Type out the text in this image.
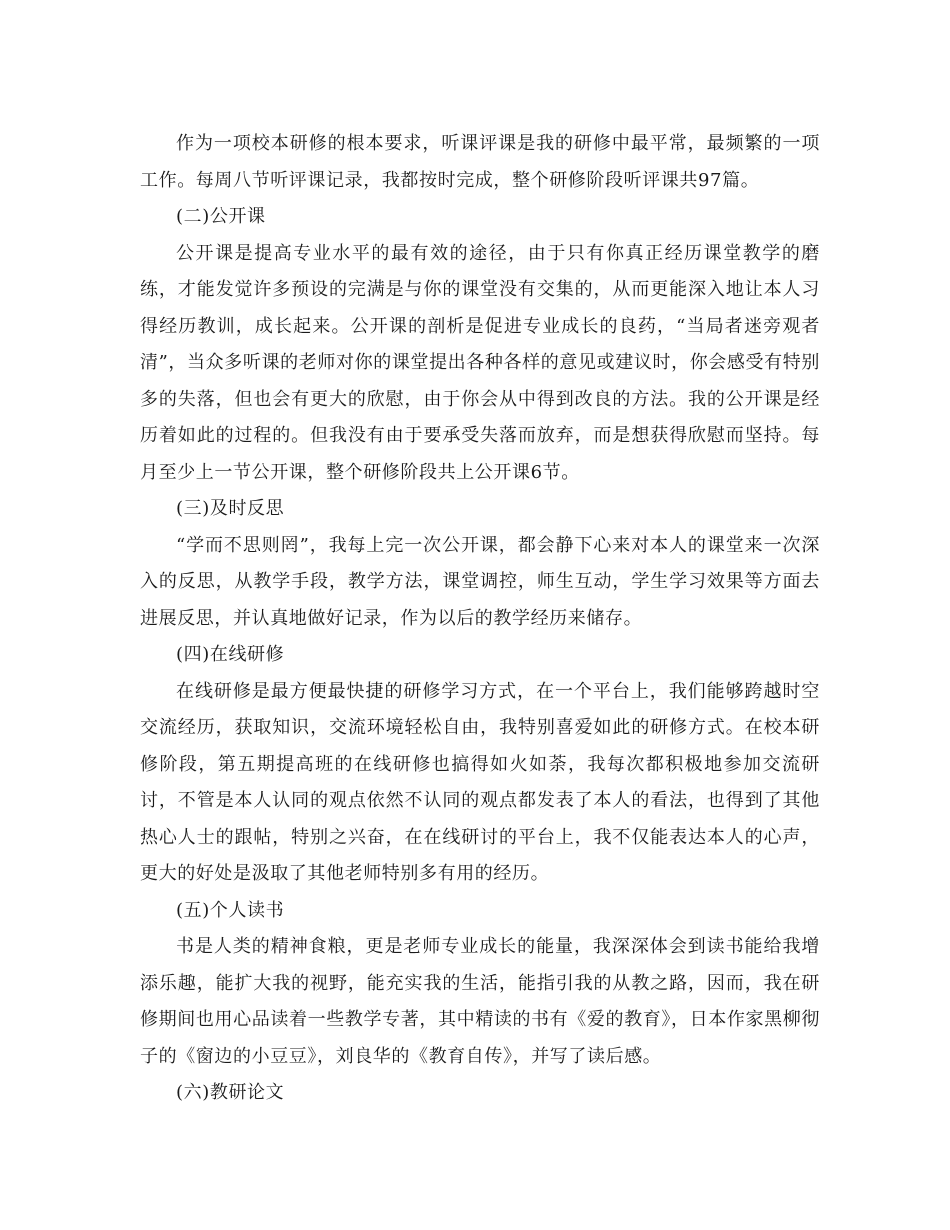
作为一项校本研修的根本要求，听课评课是我的研修中最平常，最频繁的一项工作。每周八节听评课记录，我都按时完成，整个研修阶段听评课共97篇。

(二)公开课

公开课是提高专业水平的最有效的途径，由于只有你真正经历课堂教学的磨练，才能发觉许多预设的完满是与你的课堂没有交集的，从而更能深入地让本人习得经历教训，成长起来。公开课的剖析是促进专业成长的良药，“当局者迷旁观者清”，当众多听课的老师对你的课堂提出各种各样的意见或建议时，你会感受有特别多的失落，但也会有更大的欣慰，由于你会从中得到改良的方法。我的公开课是经历着如此的过程的。但我没有由于要承受失落而放弃，而是想获得欣慰而坚持。每月至少上一节公开课，整个研修阶段共上公开课6节。

(三)及时反思

“学而不思则罔”，我每上完一次公开课，都会静下心来对本人的课堂来一次深入的反思，从教学手段，教学方法，课堂调控，师生互动，学生学习效果等方面去进展反思，并认真地做好记录，作为以后的教学经历来储存。

(四)在线研修

在线研修是最方便最快捷的研修学习方式，在一个平台上，我们能够跨越时空交流经历，获取知识，交流环境轻松自由，我特别喜爱如此的研修方式。在校本研修阶段，第五期提高班的在线研修也搞得如火如荼，我每次都积极地参加交流研讨，不管是本人认同的观点依然不认同的观点都发表了本人的看法，也得到了其他热心人士的跟帖，特别之兴奋，在在线研讨的平台上，我不仅能表达本人的心声，更大的好处是汲取了其他老师特别多有用的经历。

(五)个人读书

书是人类的精神食粮，更是老师专业成长的能量，我深深体会到读书能给我增添乐趣，能扩大我的视野，能充实我的生活，能指引我的从教之路，因而，我在研修期间也用心品读着一些教学专著，其中精读的书有《爱的教育》，日本作家黑柳彻子的《窗边的小豆豆》，刘良华的《教育自传》，并写了读后感。

(六)教研论文
